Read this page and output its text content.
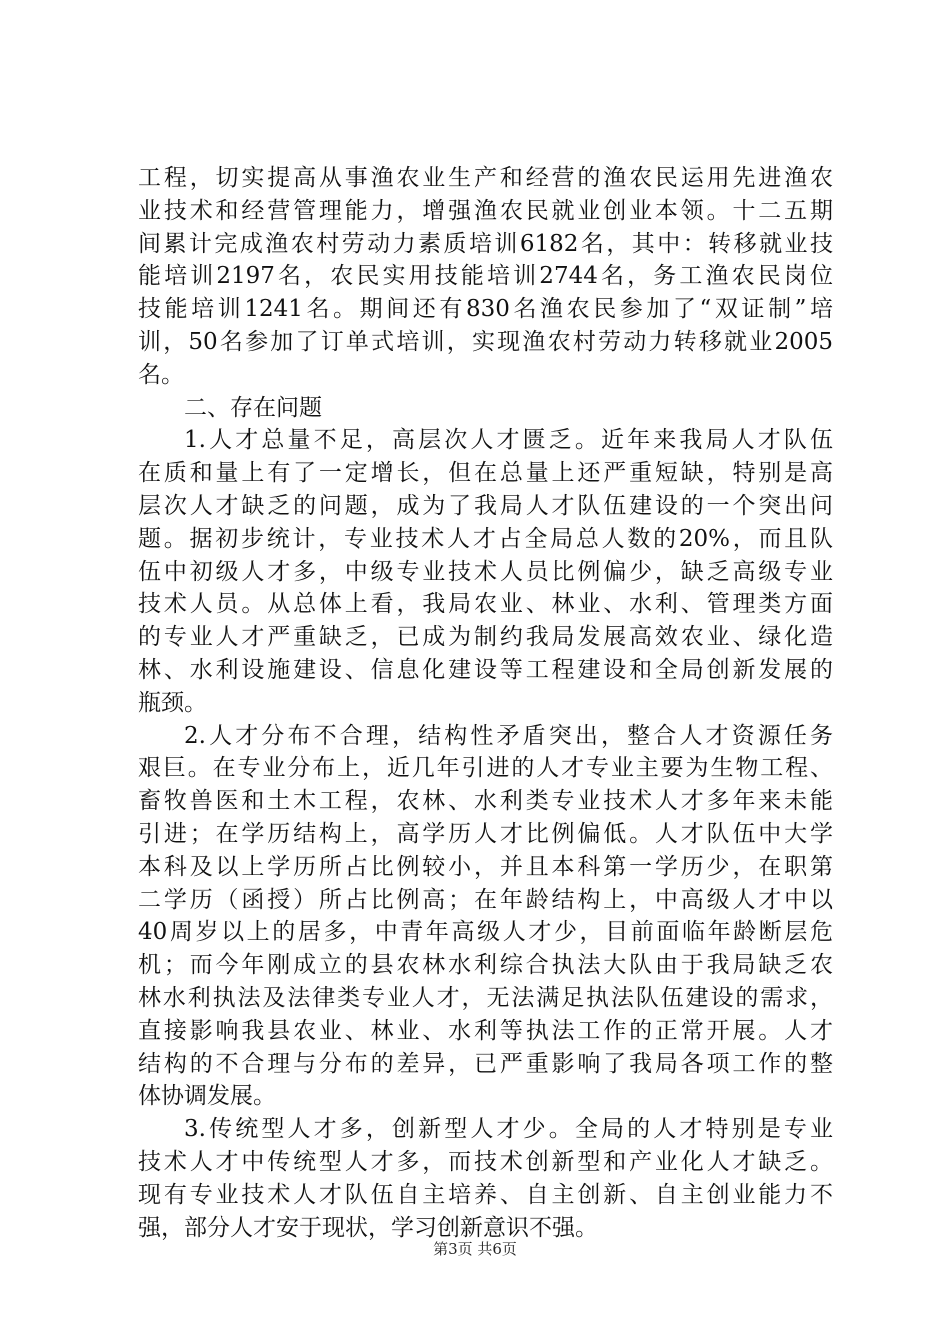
工程，切实提高从事渔农业生产和经营的渔农民运用先进渔农
业技术和经营管理能力，增强渔农民就业创业本领。十二五期
间累计完成渔农村劳动力素质培训6182名，其中：转移就业技
能培训2197名，农民实用技能培训2744名，务工渔农民岗位
技能培训1241名。期间还有830名渔农民参加了“双证制”培
训，50名参加了订单式培训，实现渔农村劳动力转移就业2005
名。
二、存在问题
1.人才总量不足，高层次人才匮乏。近年来我局人才队伍
在质和量上有了一定增长，但在总量上还严重短缺，特别是高
层次人才缺乏的问题，成为了我局人才队伍建设的一个突出问
题。据初步统计，专业技术人才占全局总人数的20%，而且队
伍中初级人才多，中级专业技术人员比例偏少，缺乏高级专业
技术人员。从总体上看，我局农业、林业、水利、管理类方面
的专业人才严重缺乏，已成为制约我局发展高效农业、绿化造
林、水利设施建设、信息化建设等工程建设和全局创新发展的
瓶颈。
2.人才分布不合理，结构性矛盾突出，整合人才资源任务
艰巨。在专业分布上，近几年引进的人才专业主要为生物工程、
畜牧兽医和土木工程，农林、水利类专业技术人才多年来未能
引进；在学历结构上，高学历人才比例偏低。人才队伍中大学
本科及以上学历所占比例较小，并且本科第一学历少，在职第
二学历（函授）所占比例高；在年龄结构上，中高级人才中以
40周岁以上的居多，中青年高级人才少，目前面临年龄断层危
机；而今年刚成立的县农林水利综合执法大队由于我局缺乏农
林水利执法及法律类专业人才，无法满足执法队伍建设的需求，
直接影响我县农业、林业、水利等执法工作的正常开展。人才
结构的不合理与分布的差异，已严重影响了我局各项工作的整
体协调发展。
3.传统型人才多，创新型人才少。全局的人才特别是专业
技术人才中传统型人才多，而技术创新型和产业化人才缺乏。
现有专业技术人才队伍自主培养、自主创新、自主创业能力不
强，部分人才安于现状，学习创新意识不强。
第3页 共6页
